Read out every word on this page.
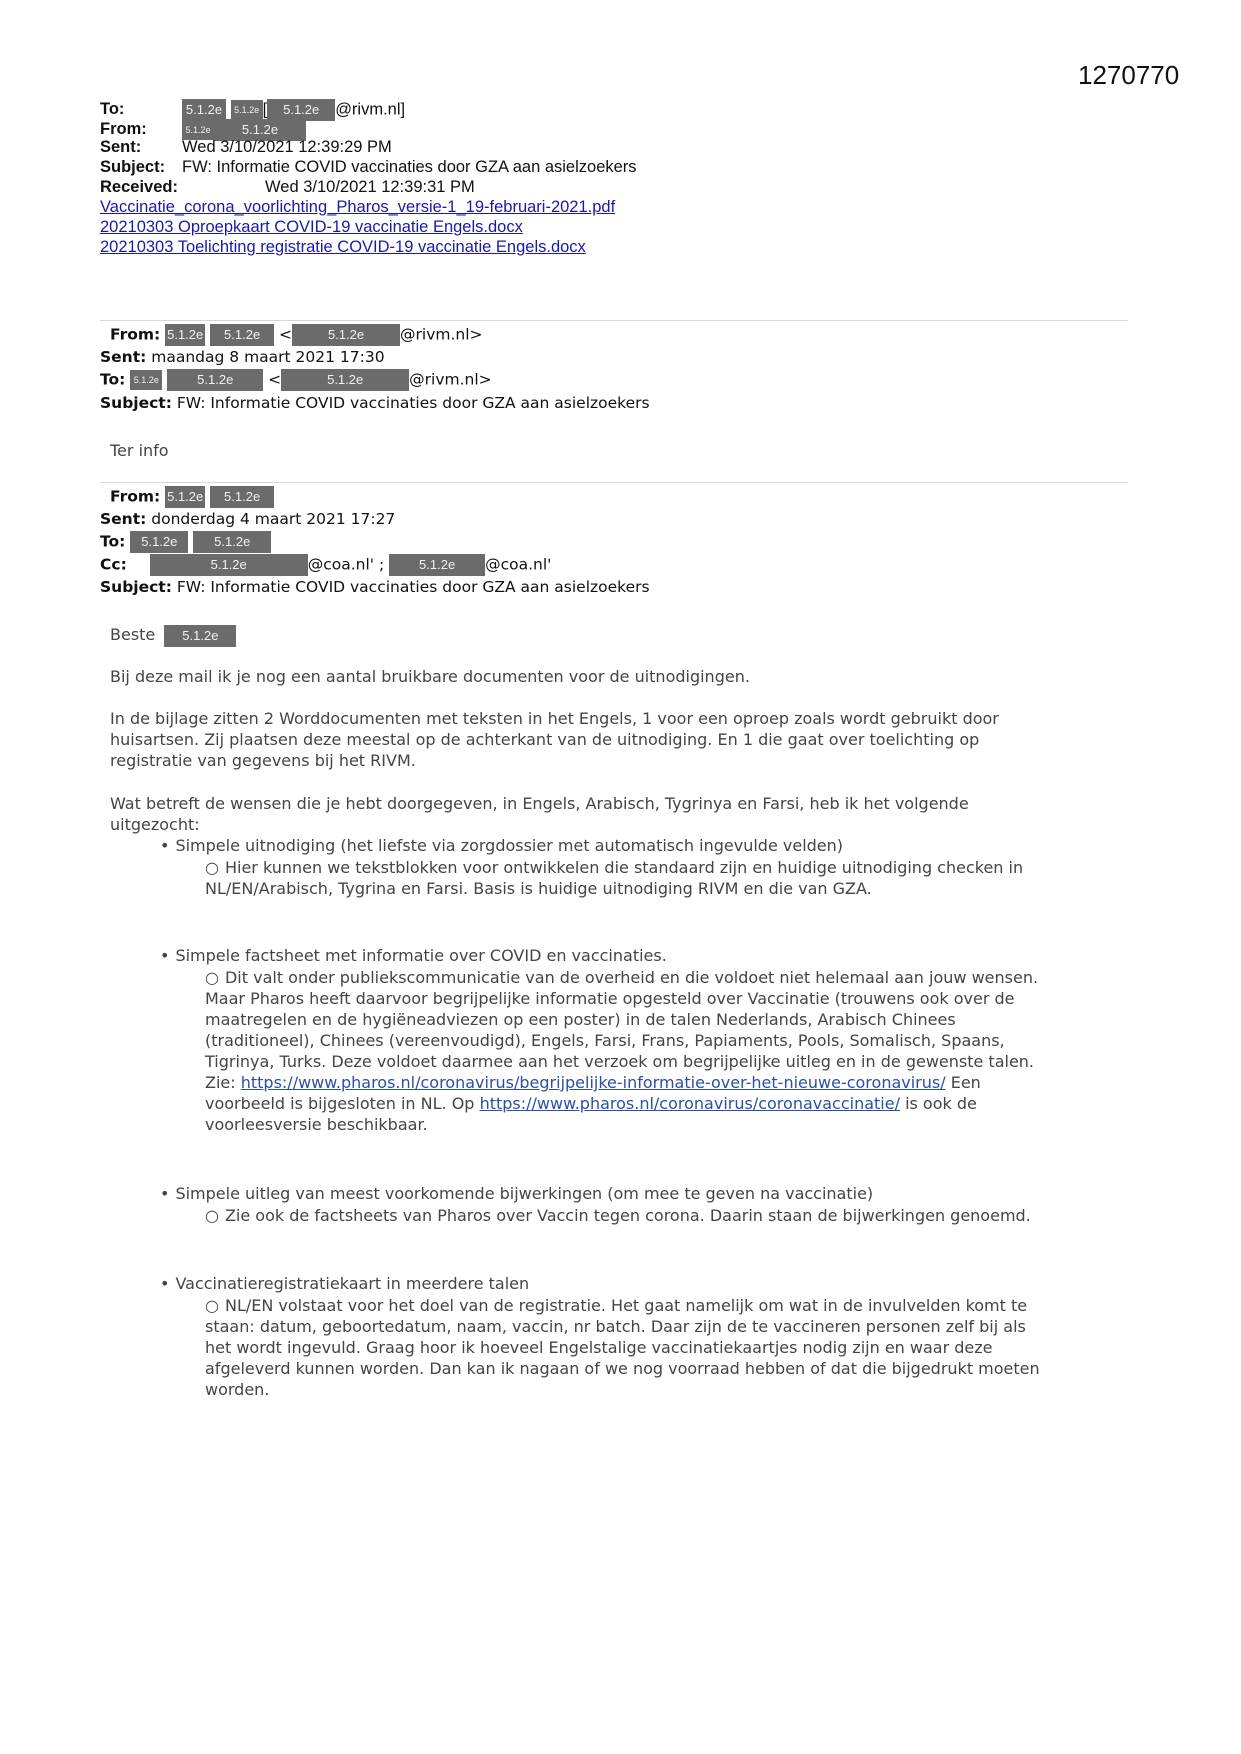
1270770
To:	5.1.2e 5.1.2e [ 5.1.2e @rivm.nl]
From:	5.1.2e 5.1.2e
Sent: Wed 3/10/2021 12:39:29 PM
Subject: FW: Informatie COVID vaccinaties door GZA aan asielzoekers
Received:	Wed 3/10/2021 12:39:31 PM
Vaccinatie_corona_voorlichting_Pharos_versie-1_19-februari-2021.pdf
20210303 Oproepkaart COVID-19 vaccinatie Engels.docx
20210303 Toelichting registratie COVID-19 vaccinatie Engels.docx
From: 5.1.2e 5.1.2e <	5.1.2e @rivm.nl>
Sent: maandag 8 maart 2021 17:30
To: 5.1.2e	5.1.2e <	5.1.2e	@rivm.nl>
Subject: FW: Informatie COVID vaccinaties door GZA aan asielzoekers
Ter info
From: 5.1.2e 5.1.2e
Sent: donderdag 4 maart 2021 17:27
To: 5.1.2e	5.1.2e
Cc:	5.1.2e	@coa.nl' ;	5.1.2e @coa.nl'
Subject: FW: Informatie COVID vaccinaties door GZA aan asielzoekers
Beste 5.1.2e
Bij deze mail ik je nog een aantal bruikbare documenten voor de uitnodigingen.
In de bijlage zitten 2 Worddocumenten met teksten in het Engels, 1 voor een oproep zoals wordt gebruikt door
huisartsen. Zij plaatsen deze meestal op de achterkant van de uitnodiging. En 1 die gaat over toelichting op
registratie van gegevens bij het RIVM.
Wat betreft de wensen die je hebt doorgegeven, in Engels, Arabisch, Tygrinya en Farsi, heb ik het volgende
uitgezocht:
• Simpele uitnodiging (het liefste via zorgdossier met automatisch ingevulde velden)
○ Hier kunnen we tekstblokken voor ontwikkelen die standaard zijn en huidige uitnodiging checken in
NL/EN/Arabisch, Tygrina en Farsi. Basis is huidige uitnodiging RIVM en die van GZA.
• Simpele factsheet met informatie over COVID en vaccinaties.
○ Dit valt onder publiekscommunicatie van de overheid en die voldoet niet helemaal aan jouw wensen.
Maar Pharos heeft daarvoor begrijpelijke informatie opgesteld over Vaccinatie (trouwens ook over de
maatregelen en de hygiëneadviezen op een poster) in de talen Nederlands, Arabisch Chinees
(traditioneel), Chinees (vereenvoudigd), Engels, Farsi, Frans, Papiaments, Pools, Somalisch, Spaans,
Tigrinya, Turks. Deze voldoet daarmee aan het verzoek om begrijpelijke uitleg en in de gewenste talen.
Zie: https://www.pharos.nl/coronavirus/begrijpelijke-informatie-over-het-nieuwe-coronavirus/ Een
voorbeeld is bijgesloten in NL. Op https://www.pharos.nl/coronavirus/coronavaccinatie/ is ook de
voorleesversie beschikbaar.
• Simpele uitleg van meest voorkomende bijwerkingen (om mee te geven na vaccinatie)
○ Zie ook de factsheets van Pharos over Vaccin tegen corona. Daarin staan de bijwerkingen genoemd.
• Vaccinatieregistratiekaart in meerdere talen
○ NL/EN volstaat voor het doel van de registratie. Het gaat namelijk om wat in de invulvelden komt te
staan: datum, geboortedatum, naam, vaccin, nr batch. Daar zijn de te vaccineren personen zelf bij als
het wordt ingevuld. Graag hoor ik hoeveel Engelstalige vaccinatiekaartjes nodig zijn en waar deze
afgeleverd kunnen worden. Dan kan ik nagaan of we nog voorraad hebben of dat die bijgedrukt moeten
worden.
